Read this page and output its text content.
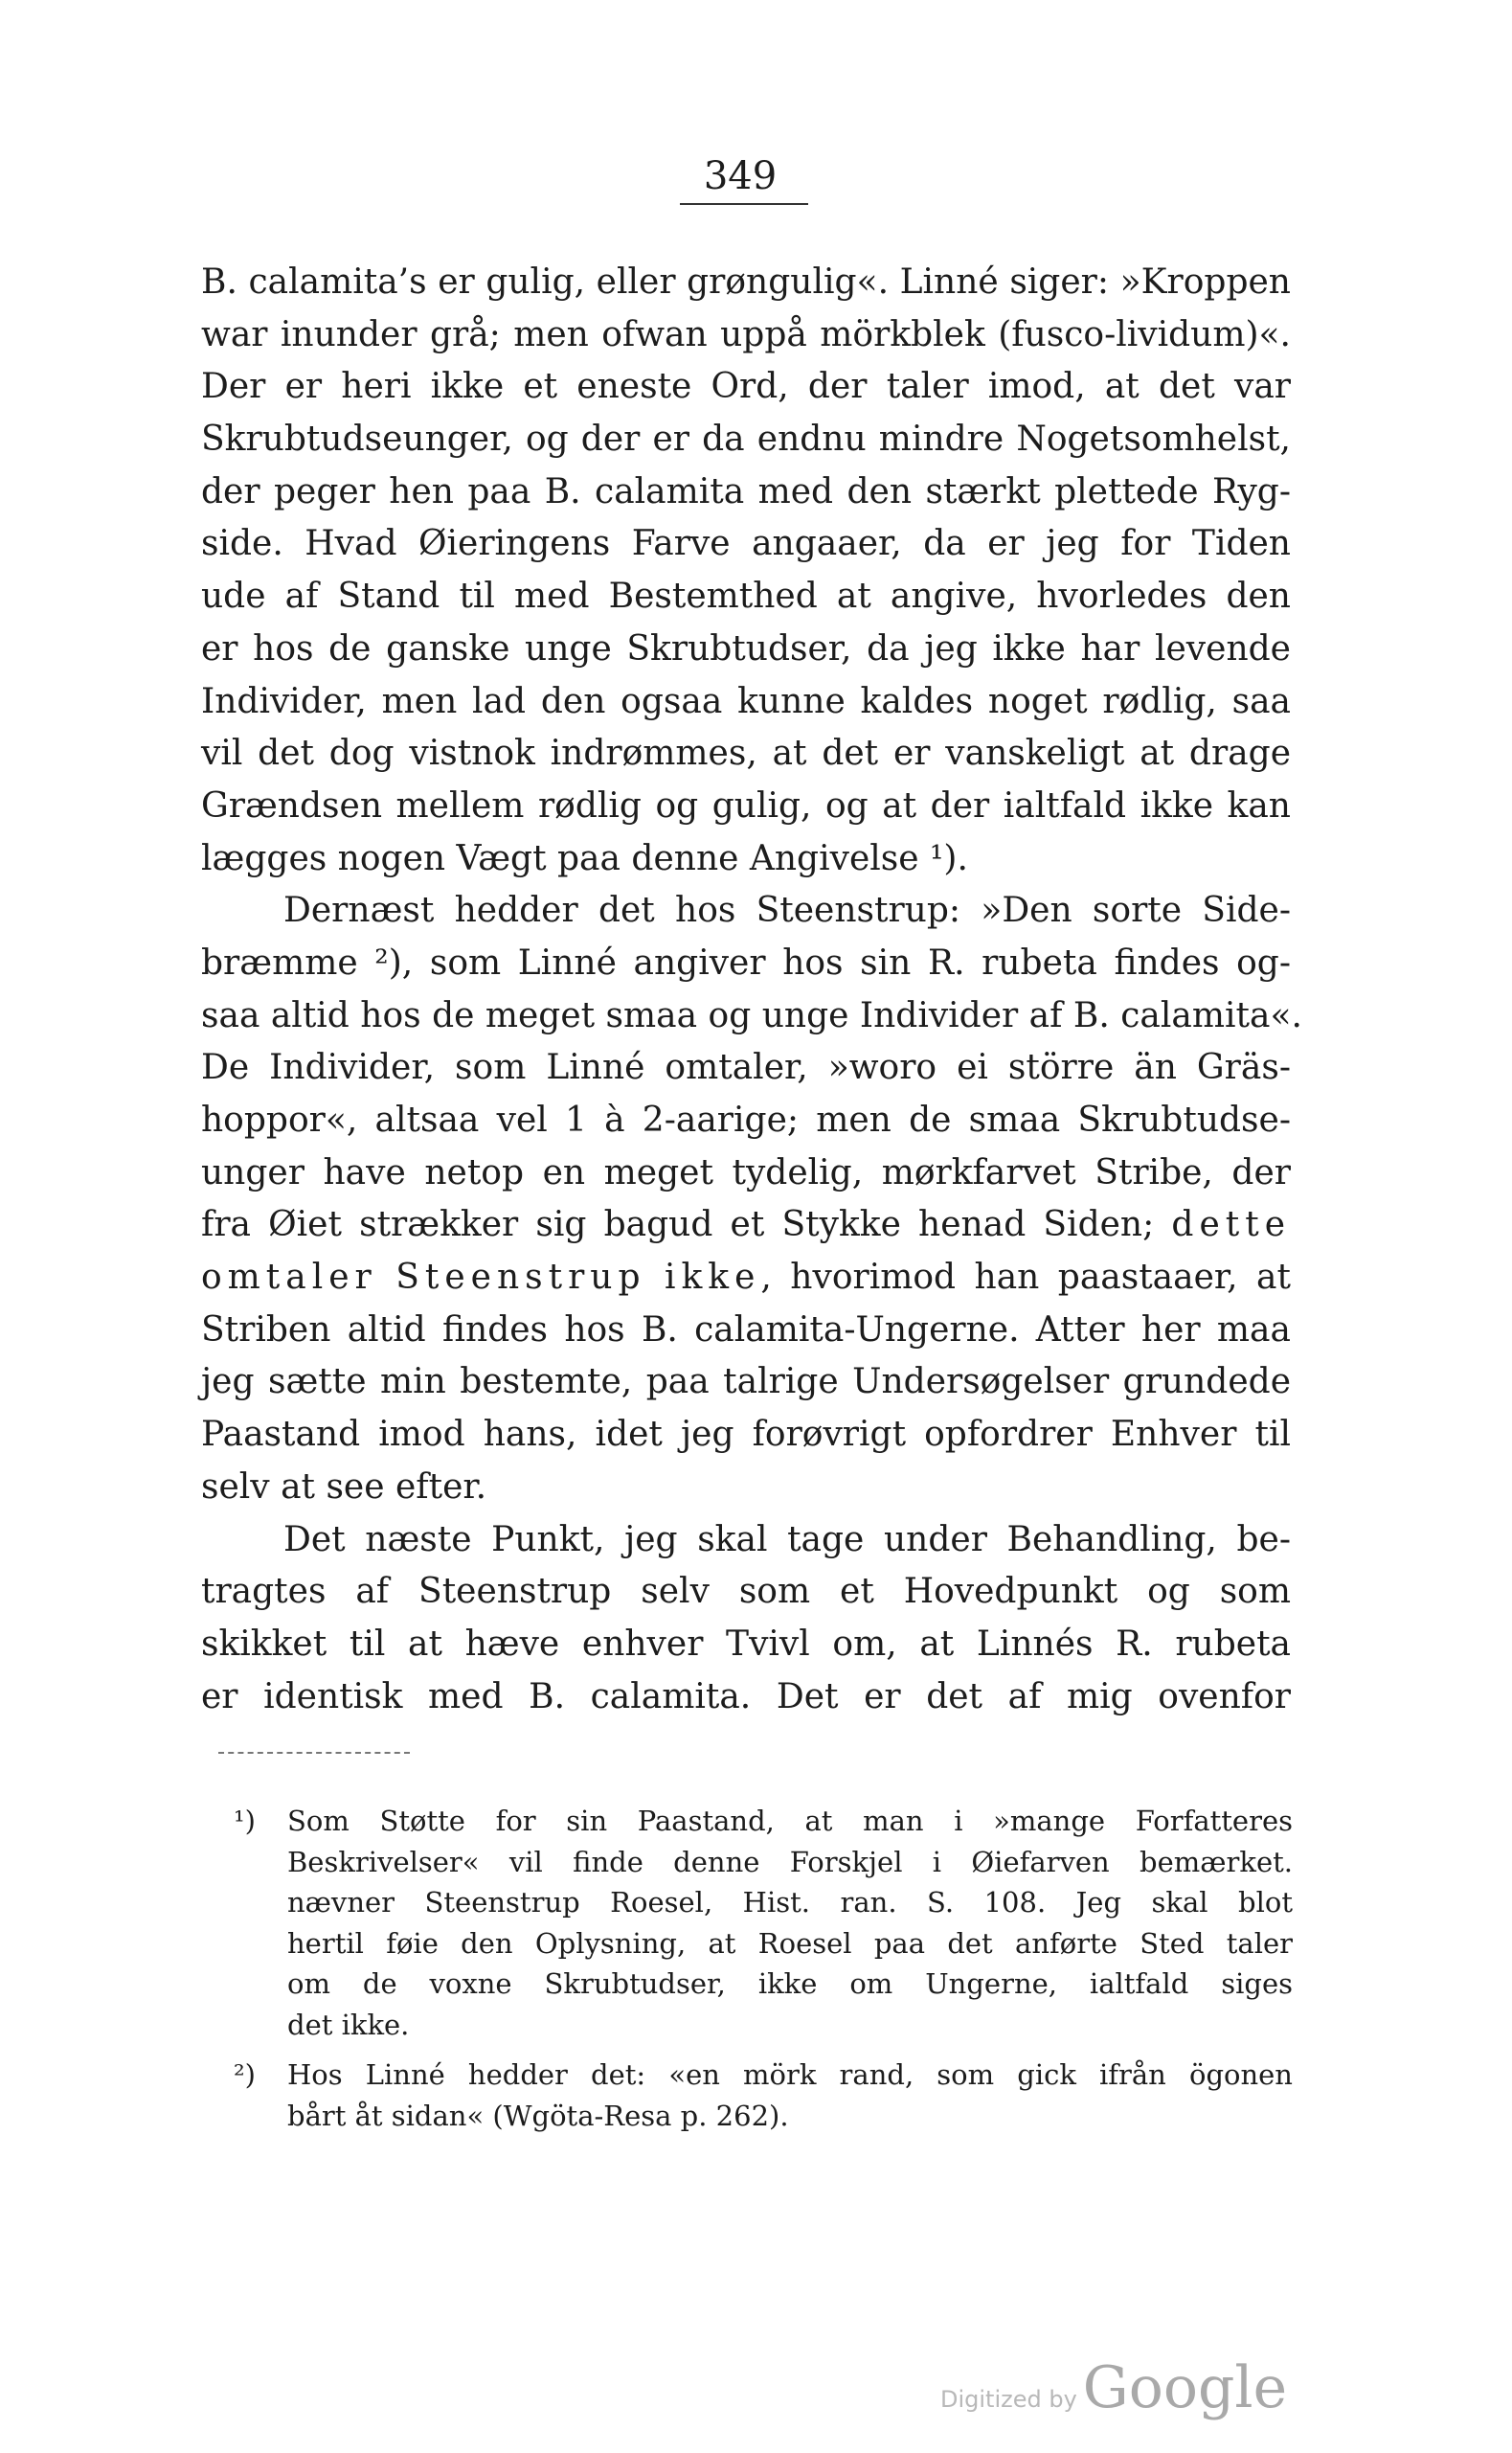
349
B. calamita’s er gulig, eller grøngulig«. Linné siger: »Kroppen
war inunder grå; men ofwan uppå mörkblek (fusco-lividum)«.
Der er heri ikke et eneste Ord, der taler imod, at det var
Skrubtudseunger, og der er da endnu mindre Nogetsomhelst,
der peger hen paa B. calamita med den stærkt plettede Ryg-
side. Hvad Øieringens Farve angaaer, da er jeg for Tiden
ude af Stand til med Bestemthed at angive, hvorledes den
er hos de ganske unge Skrubtudser, da jeg ikke har levende
Individer, men lad den ogsaa kunne kaldes noget rødlig, saa
vil det dog vistnok indrømmes, at det er vanskeligt at drage
Grændsen mellem rødlig og gulig, og at der ialtfald ikke kan
lægges nogen Vægt paa denne Angivelse ¹).
Dernæst hedder det hos Steenstrup: »Den sorte Side-
bræmme ²), som Linné angiver hos sin R. rubeta findes og-
saa altid hos de meget smaa og unge Individer af B. calamita«.
De Individer, som Linné omtaler, »woro ei större än Gräs-
hoppor«, altsaa vel 1 à 2-aarige; men de smaa Skrubtudse-
unger have netop en meget tydelig, mørkfarvet Stribe, der
fra Øiet strækker sig bagud et Stykke henad Siden; dette
omtaler Steenstrup ikke, hvorimod han paastaaer, at
Striben altid findes hos B. calamita-Ungerne. Atter her maa
jeg sætte min bestemte, paa talrige Undersøgelser grundede
Paastand imod hans, idet jeg forøvrigt opfordrer Enhver til
selv at see efter.
Det næste Punkt, jeg skal tage under Behandling, be-
tragtes af Steenstrup selv som et Hovedpunkt og som
skikket til at hæve enhver Tvivl om, at Linnés R. rubeta
er identisk med B. calamita. Det er det af mig ovenfor
¹) Som Støtte for sin Paastand, at man i »mange Forfatteres
Beskrivelser« vil finde denne Forskjel i Øiefarven bemærket.
nævner Steenstrup Roesel, Hist. ran. S. 108. Jeg skal blot
hertil føie den Oplysning, at Roesel paa det anførte Sted taler
om de voxne Skrubtudser, ikke om Ungerne, ialtfald siges
det ikke.
²) Hos Linné hedder det: «en mörk rand, som gick ifrån ögonen
bårt åt sidan« (Wgöta-Resa p. 262).
Digitized by Google
